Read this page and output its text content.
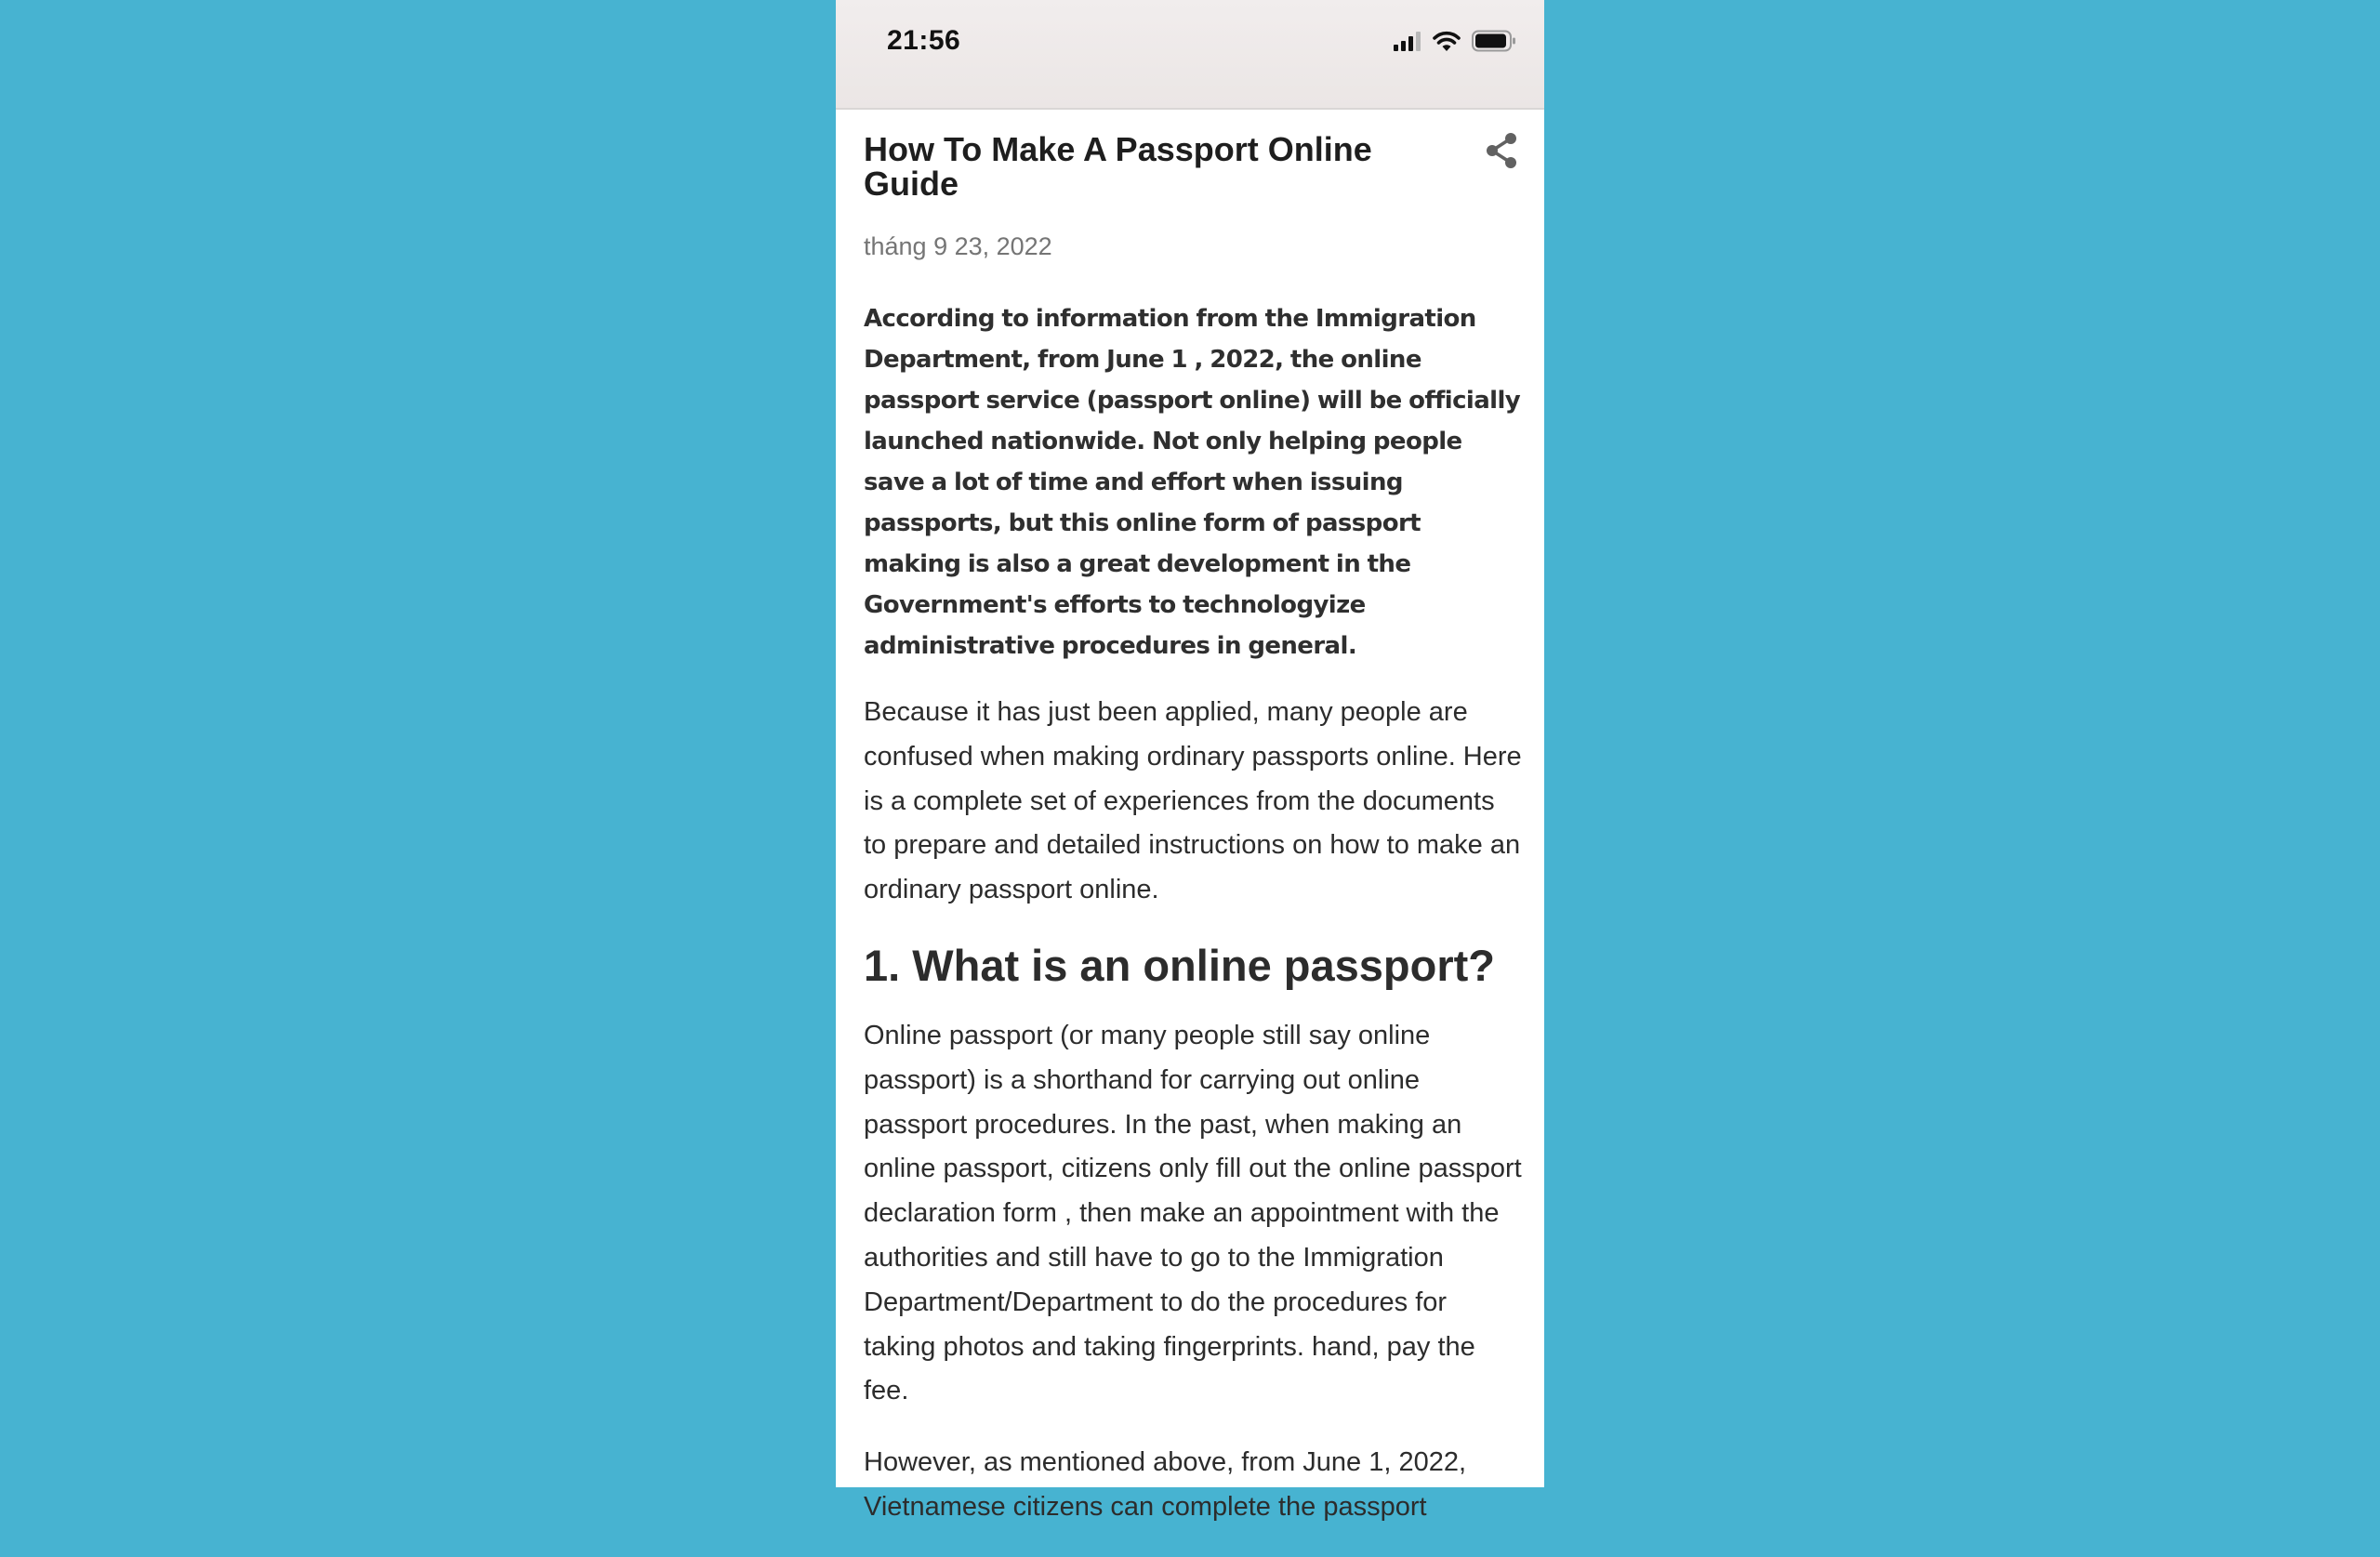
21:56
How To Make A Passport Online Guide
tháng 9 23, 2022

According to information from the Immigration Department, from June 1 , 2022, the online passport service (passport online) will be officially launched nationwide. Not only helping people save a lot of time and effort when issuing passports, but this online form of passport making is also a great development in the Government's efforts to technologyize administrative procedures in general.

Because it has just been applied, many people are confused when making ordinary passports online. Here is a complete set of experiences from the documents to prepare and detailed instructions on how to make an ordinary passport online.

1. What is an online passport?

Online passport (or many people still say online passport) is a shorthand for carrying out online passport procedures. In the past, when making an online passport, citizens only fill out the online passport declaration form , then make an appointment with the authorities and still have to go to the Immigration Department/Department to do the procedures for taking photos and taking fingerprints. hand, pay the fee.

However, as mentioned above, from June 1, 2022, Vietnamese citizens can complete the passport
